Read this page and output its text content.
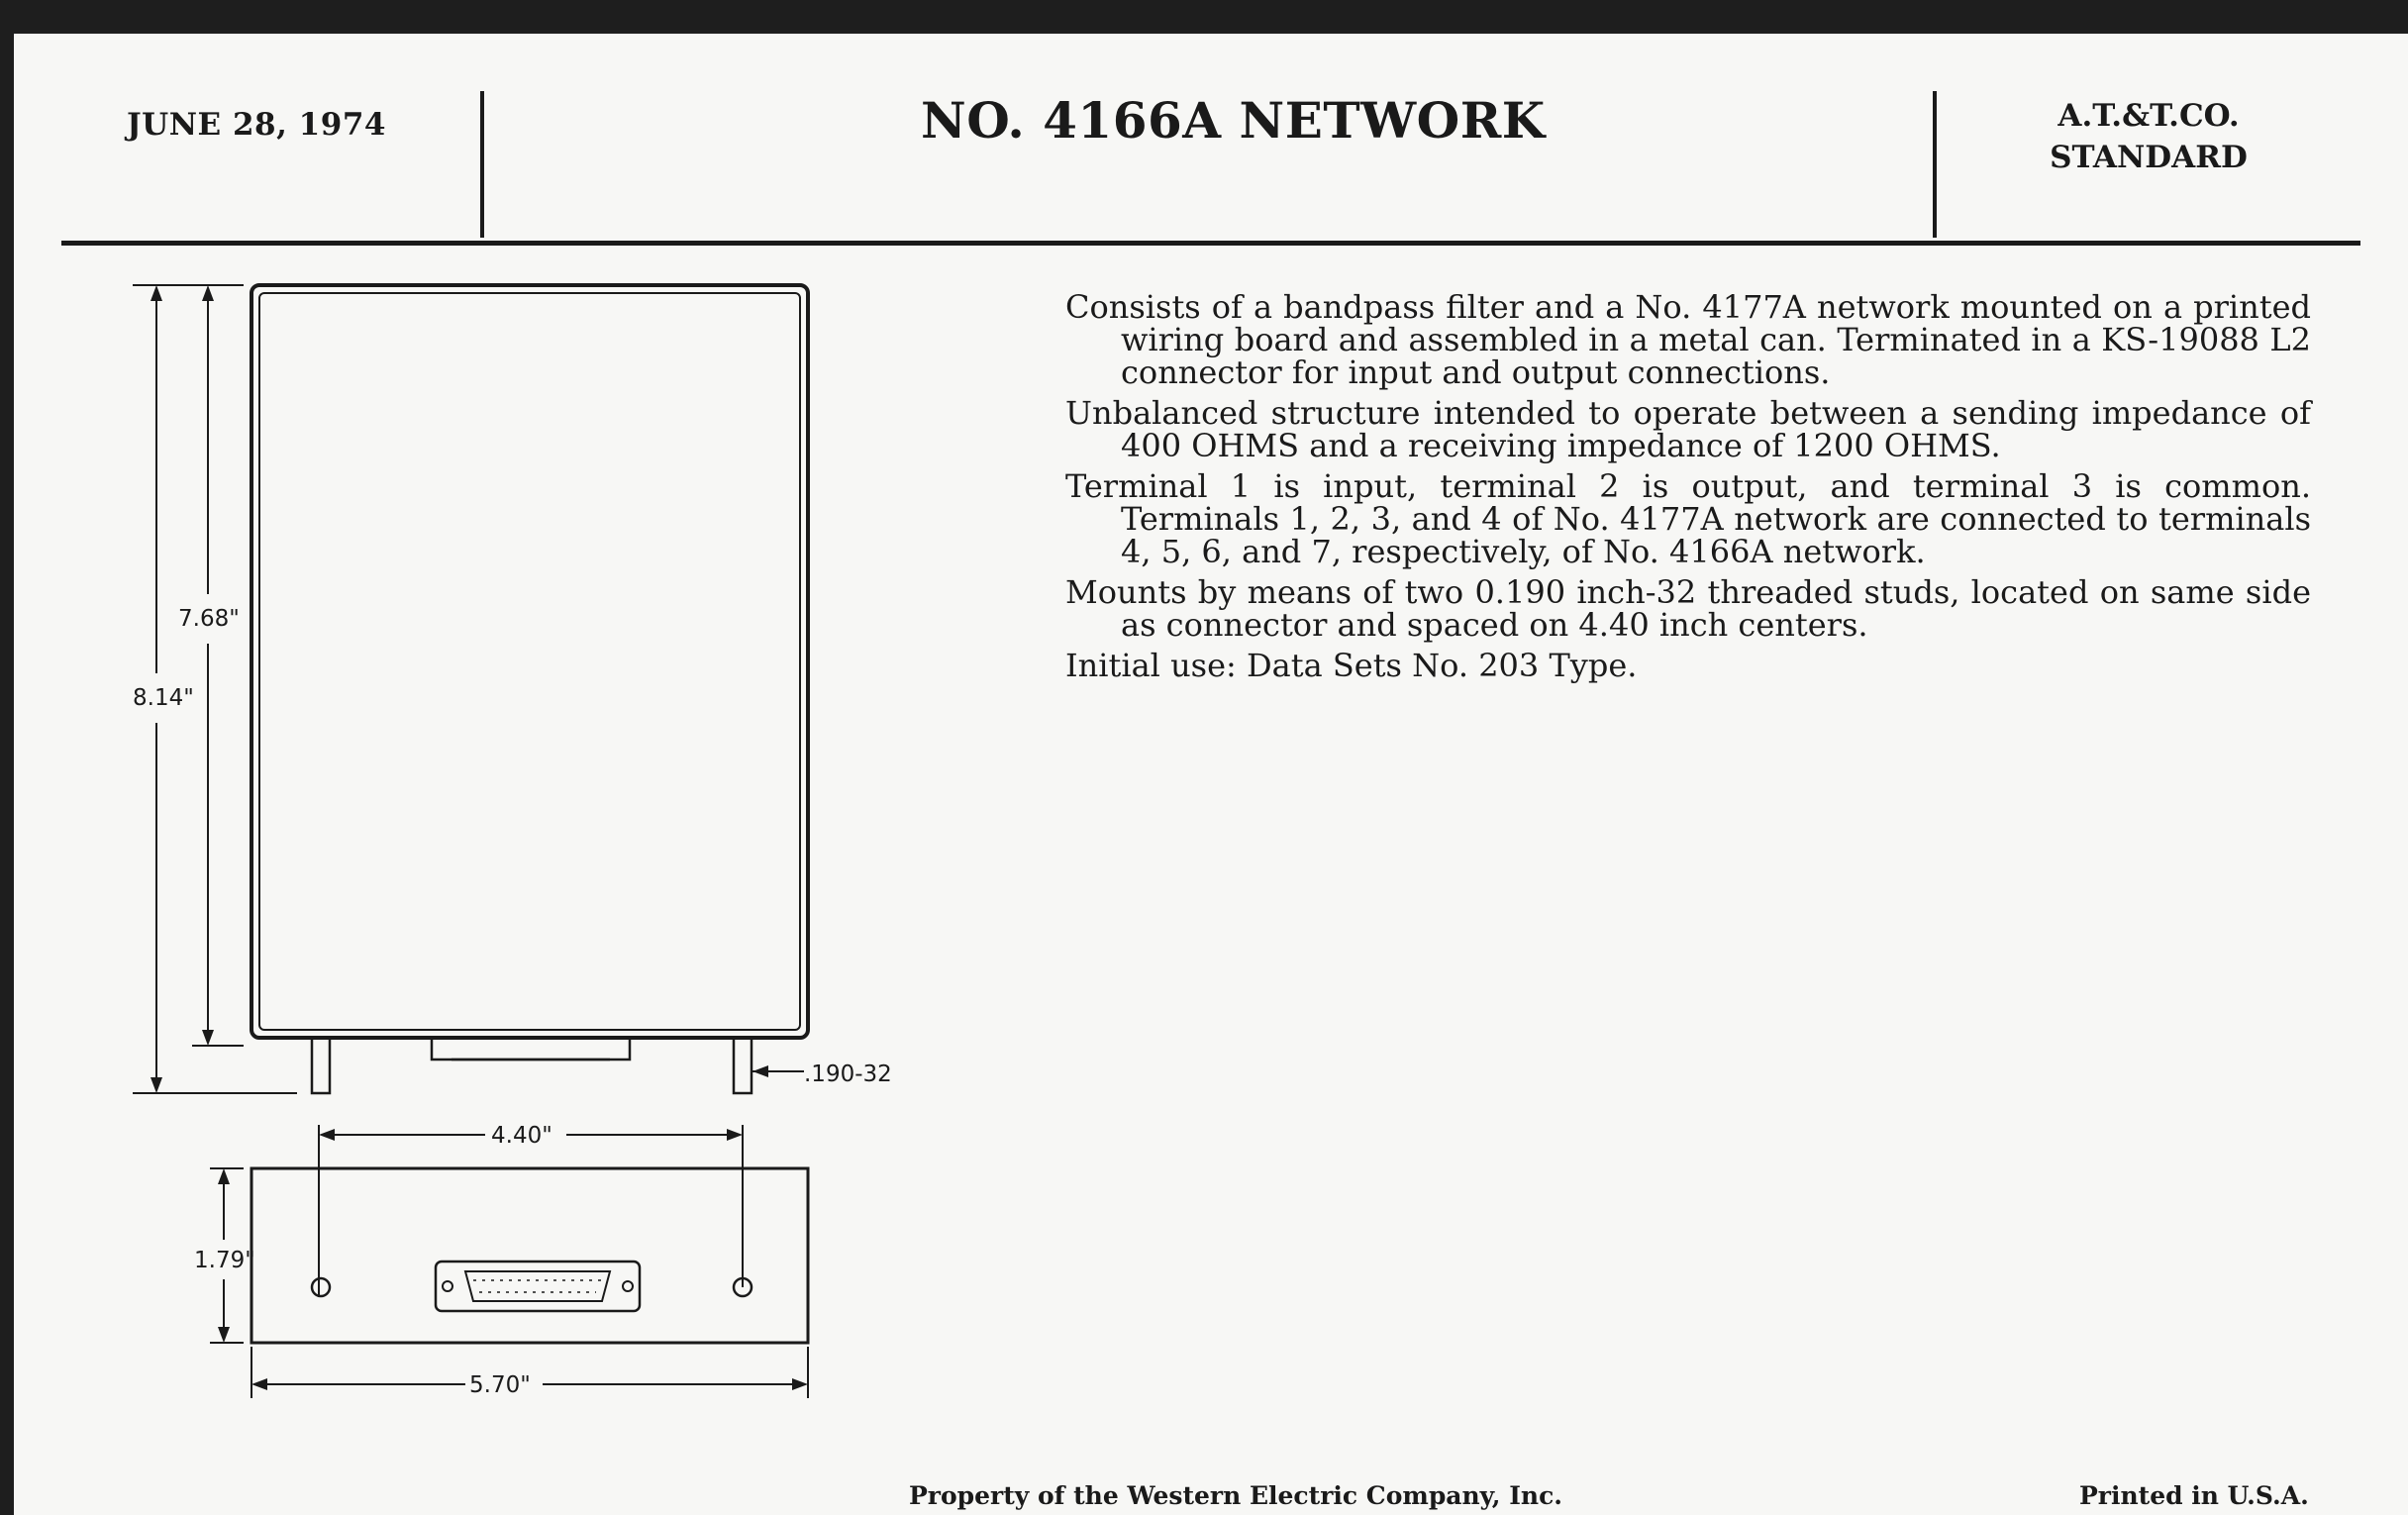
JUNE 28, 1974	NO. 4166A NETWORK	A.T.&T.CO.
STANDARD
7.68"
8.14"
.190-32
4.40"
1.79"
5.70"

Consists of a bandpass filter and a No. 4177A network mounted on a printed wiring board and assembled in a metal can. Terminated in a KS-19088 L2 connector for input and output connections.

Unbalanced structure intended to operate between a sending impedance of 400 OHMS and a receiving impedance of 1200 OHMS.

Terminal 1 is input, terminal 2 is output, and terminal 3 is common. Terminals 1, 2, 3, and 4 of No. 4177A network are connected to terminals 4, 5, 6, and 7, respectively, of No. 4166A network.

Mounts by means of two 0.190 inch-32 threaded studs, located on same side as connector and spaced on 4.40 inch centers.

Initial use: Data Sets No. 203 Type.

Property of the Western Electric Company, Inc.	Printed in U.S.A.
